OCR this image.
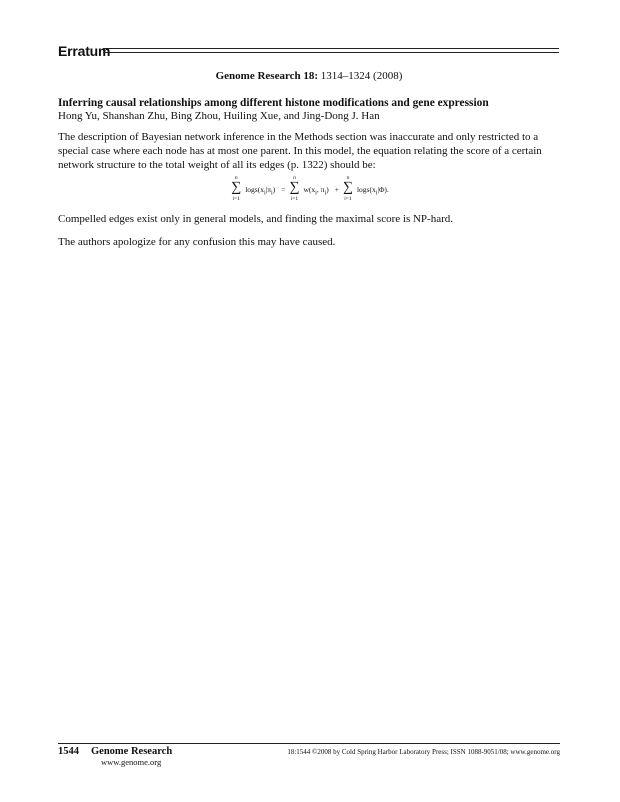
Erratum
Genome Research 18: 1314–1324 (2008)
Inferring causal relationships among different histone modifications and gene expression
Hong Yu, Shanshan Zhu, Bing Zhou, Huiling Xue, and Jing-Dong J. Han
The description of Bayesian network inference in the Methods section was inaccurate and only restricted to a special case where each node has at most one parent. In this model, the equation relating the score of a certain network structure to the total weight of all its edges (p. 1322) should be:
n
∑
i=1
$\log s(x_i|\pi_i)$ =
n
∑
i=1
$w(x_i$, $\pi_i$) +
n
∑
i=1
$\log s(x_i|\Phi)$.
Compelled edges exist only in general models, and finding the maximal score is NP-hard.
The authors apologize for any confusion this may have caused.
1544 Genome Research
www.genome.org
18:1544 ©2008 by Cold Spring Harbor Laboratory Press; ISSN 1088-9051/08; www.genome.org
